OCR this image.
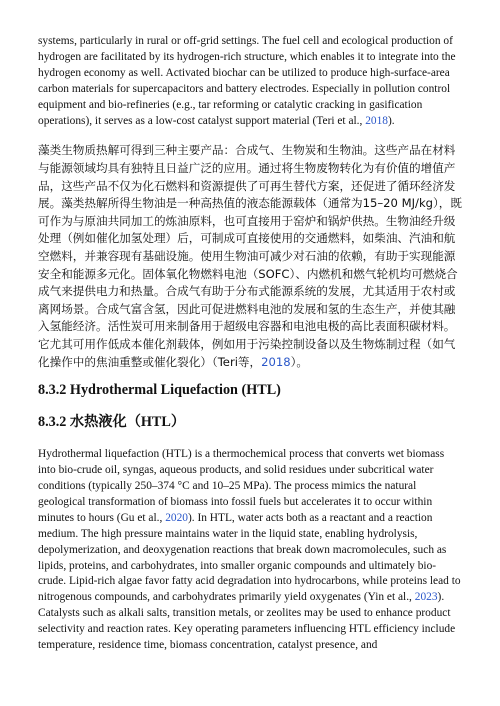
systems, particularly in rural or off-grid settings. The fuel cell and ecological production of hydrogen are facilitated by its hydrogen-rich structure, which enables it to integrate into the hydrogen economy as well. Activated biochar can be utilized to produce high-surface-area carbon materials for supercapacitors and battery electrodes. Especially in pollution control equipment and bio-refineries (e.g., tar reforming or catalytic cracking in gasification operations), it serves as a low-cost catalyst support material (Teri et al., 2018).

藻类生物质热解可得到三种主要产品：合成气、生物炭和生物油。这些产品在材料与能源领域均具有独特且日益广泛的应用。通过将生物废物转化为有价值的增值产品，这些产品不仅为化石燃料和资源提供了可再生替代方案，还促进了循环经济发展。藻类热解所得生物油是一种高热值的液态能源载体（通常为15–20 MJ/kg），既可作为与原油共同加工的炼油原料，也可直接用于窑炉和锅炉供热。生物油经升级处理（例如催化加氢处理）后，可制成可直接使用的交通燃料，如柴油、汽油和航空燃料，并兼容现有基础设施。使用生物油可减少对石油的依赖，有助于实现能源安全和能源多元化。固体氧化物燃料电池（SOFC）、内燃机和燃气轮机均可燃烧合成气来提供电力和热量。合成气有助于分布式能源系统的发展，尤其适用于农村或离网场景。合成气富含氢，因此可促进燃料电池的发展和氢的生态生产，并使其融入氢能经济。活性炭可用来制备用于超级电容器和电池电极的高比表面积碳材料。它尤其可用作低成本催化剂载体，例如用于污染控制设备以及生物炼制过程（如气化操作中的焦油重整或催化裂化）（Teri等，2018）。

8.3.2 Hydrothermal Liquefaction (HTL)
8.3.2 水热液化（HTL）

Hydrothermal liquefaction (HTL) is a thermochemical process that converts wet biomass into bio-crude oil, syngas, aqueous products, and solid residues under subcritical water conditions (typically 250–374 °C and 10–25 MPa). The process mimics the natural geological transformation of biomass into fossil fuels but accelerates it to occur within minutes to hours (Gu et al., 2020). In HTL, water acts both as a reactant and a reaction medium. The high pressure maintains water in the liquid state, enabling hydrolysis, depolymerization, and deoxygenation reactions that break down macromolecules, such as lipids, proteins, and carbohydrates, into smaller organic compounds and ultimately bio-crude. Lipid-rich algae favor fatty acid degradation into hydrocarbons, while proteins lead to nitrogenous compounds, and carbohydrates primarily yield oxygenates (Yin et al., 2023). Catalysts such as alkali salts, transition metals, or zeolites may be used to enhance product selectivity and reaction rates. Key operating parameters influencing HTL efficiency include temperature, residence time, biomass concentration, catalyst presence, and
